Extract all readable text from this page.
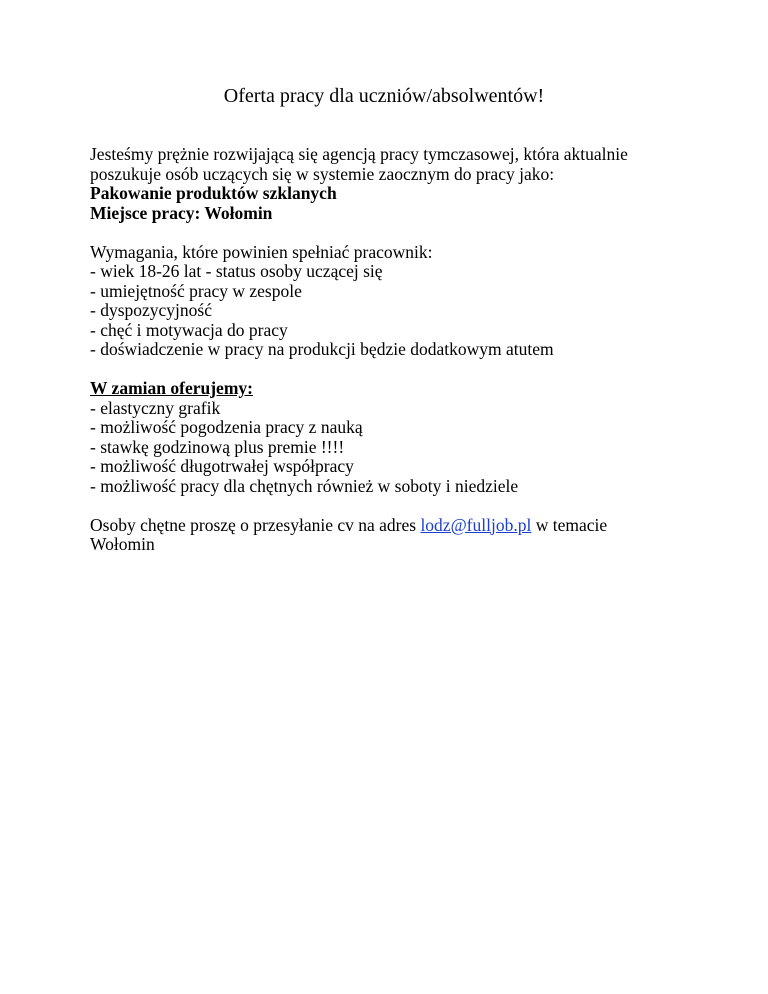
Oferta pracy dla uczniów/absolwentów!
Jesteśmy prężnie rozwijającą się agencją pracy tymczasowej, która aktualnie
poszukuje osób uczących się w systemie zaocznym do pracy jako:
Pakowanie produktów szklanych
Miejsce pracy: Wołomin
Wymagania, które powinien spełniać pracownik:
- wiek 18-26 lat - status osoby uczącej się
- umiejętność pracy w zespole
- dyspozycyjność
- chęć i motywacja do pracy
- doświadczenie w pracy na produkcji będzie dodatkowym atutem
W zamian oferujemy:
- elastyczny grafik
- możliwość pogodzenia pracy z nauką
- stawkę godzinową plus premie !!!!
- możliwość długotrwałej współpracy
- możliwość pracy dla chętnych również w soboty i niedziele
Osoby chętne proszę o przesyłanie cv na adres lodz@fulljob.pl w temacie
Wołomin
